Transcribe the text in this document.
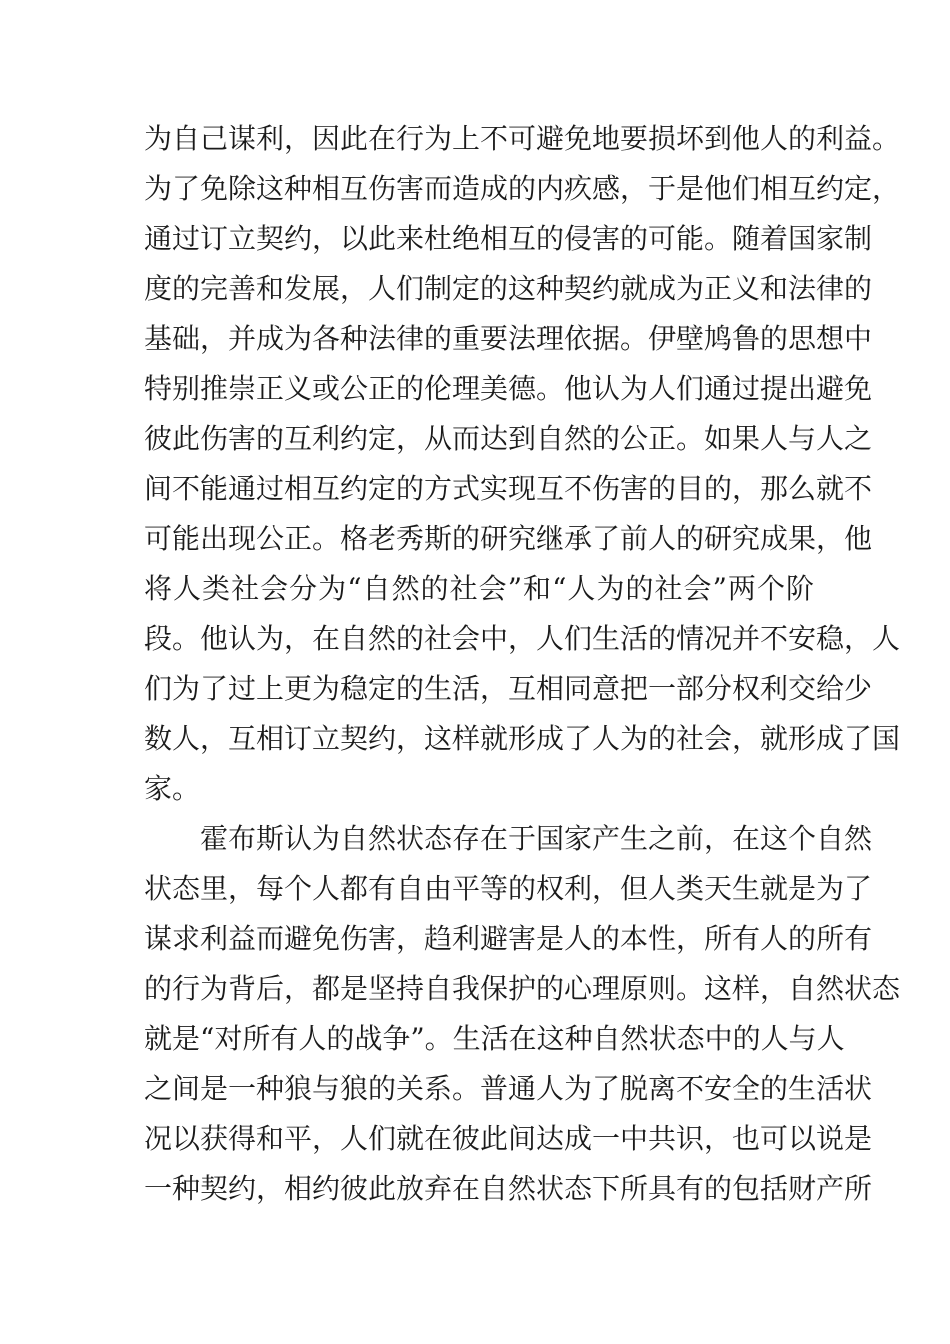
为自己谋利，因此在行为上不可避免地要损坏到他人的利益。
为了免除这种相互伤害而造成的内疚感，于是他们相互约定，
通过订立契约，以此来杜绝相互的侵害的可能。随着国家制
度的完善和发展，人们制定的这种契约就成为正义和法律的
基础，并成为各种法律的重要法理依据。伊壁鸠鲁的思想中
特别推崇正义或公正的伦理美德。他认为人们通过提出避免
彼此伤害的互利约定，从而达到自然的公正。如果人与人之
间不能通过相互约定的方式实现互不伤害的目的，那么就不
可能出现公正。格老秀斯的研究继承了前人的研究成果，他
将人类社会分为“自然的社会”和“人为的社会”两个阶
段。他认为，在自然的社会中，人们生活的情况并不安稳，人
们为了过上更为稳定的生活，互相同意把一部分权利交给少
数人，互相订立契约，这样就形成了人为的社会，就形成了国
家。
霍布斯认为自然状态存在于国家产生之前，在这个自然
状态里，每个人都有自由平等的权利，但人类天生就是为了
谋求利益而避免伤害，趋利避害是人的本性，所有人的所有
的行为背后，都是坚持自我保护的心理原则。这样，自然状态
就是“对所有人的战争”。生活在这种自然状态中的人与人
之间是一种狼与狼的关系。普通人为了脱离不安全的生活状
况以获得和平，人们就在彼此间达成一中共识，也可以说是
一种契约，相约彼此放弃在自然状态下所具有的包括财产所
